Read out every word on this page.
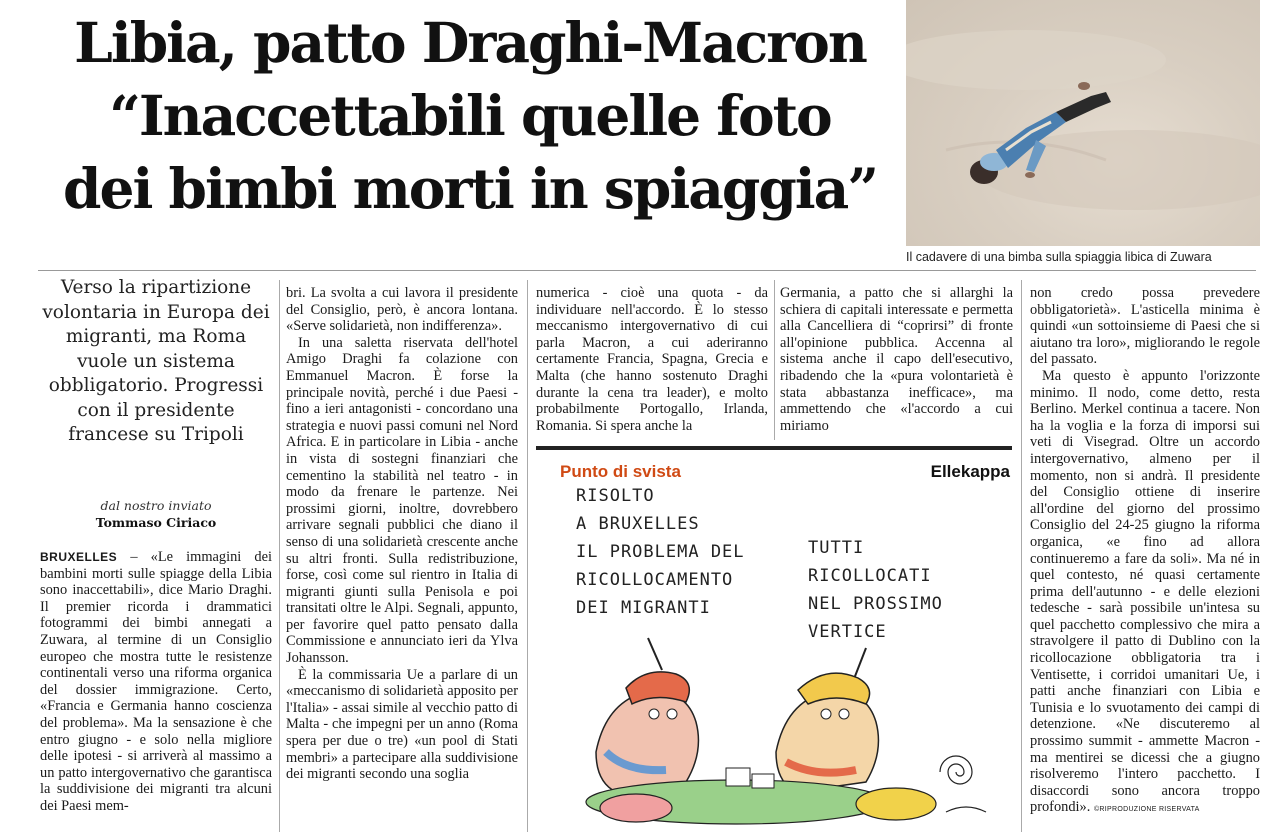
Libia, patto Draghi-Macron
“Inaccettabili quelle foto
dei bimbi morti in spiaggia”
Il cadavere di una bimba sulla spiaggia libica di Zuwara
Verso la ripartizione volontaria in Europa dei migranti, ma Roma vuole un sistema obbligatorio. Progressi con il presidente francese su Tripoli
dal nostro inviato
Tommaso Ciriaco

BRUXELLES – «Le immagini dei bambini morti sulle spiagge della Libia sono inaccettabili», dice Mario Draghi. Il premier ricorda i drammatici fotogrammi dei bimbi annegati a Zuwara, al termine di un Consiglio europeo che mostra tutte le resistenze continentali verso una riforma organica del dossier immigrazione. Certo, «Francia e Germania hanno coscienza del problema». Ma la sensazione è che entro giugno - e solo nella migliore delle ipotesi - si arriverà al massimo a un patto intergovernativo che garantisca la suddivisione dei migranti tra alcuni dei Paesi mem-

bri. La svolta a cui lavora il presidente del Consiglio, però, è ancora lontana. «Serve solidarietà, non indifferenza».

In una saletta riservata dell'hotel Amigo Draghi fa colazione con Emmanuel Macron. È forse la principale novità, perché i due Paesi - fino a ieri antagonisti - concordano una strategia e nuovi passi comuni nel Nord Africa. E in particolare in Libia - anche in vista di sostegni finanziari che cementino la stabilità nel teatro - in modo da frenare le partenze. Nei prossimi giorni, inoltre, dovrebbero arrivare segnali pubblici che diano il senso di una solidarietà crescente anche su altri fronti. Sulla redistribuzione, forse, così come sul rientro in Italia di migranti giunti sulla Penisola e poi transitati oltre le Alpi. Segnali, appunto, per favorire quel patto pensato dalla Commissione e annunciato ieri da Ylva Johansson.

È la commissaria Ue a parlare di un «meccanismo di solidarietà apposito per l'Italia» - assai simile al vecchio patto di Malta - che impegni per un anno (Roma spera per due o tre) «un pool di Stati membri» a partecipare alla suddivisione dei migranti secondo una soglia

numerica - cioè una quota - da individuare nell'accordo. È lo stesso meccanismo intergovernativo di cui parla Macron, a cui aderiranno certamente Francia, Spagna, Grecia e Malta (che hanno sostenuto Draghi durante la cena tra leader), e molto probabilmente Portogallo, Irlanda, Romania. Si spera anche la

Germania, a patto che si allarghi la schiera di capitali interessate e permetta alla Cancelliera di “coprirsi” di fronte all'opinione pubblica. Accenna al sistema anche il capo dell'esecutivo, ribadendo che la «pura volontarietà è stata abbastanza inefficace», ma ammettendo che «l'accordo a cui miriamo

non credo possa prevedere obbligatorietà». L'asticella minima è quindi «un sottoinsieme di Paesi che si aiutano tra loro», migliorando le regole del passato.

Ma questo è appunto l'orizzonte minimo. Il nodo, come detto, resta Berlino. Merkel continua a tacere. Non ha la voglia e la forza di imporsi sui veti di Visegrad. Oltre un accordo intergovernativo, almeno per il momento, non si andrà. Il presidente del Consiglio ottiene di inserire all'ordine del giorno del prossimo Consiglio del 24-25 giugno la riforma organica, «e fino ad allora continueremo a fare da soli». Ma né in quel contesto, né quasi certamente prima dell'autunno - e delle elezioni tedesche - sarà possibile un'intesa su quel pacchetto complessivo che mira a stravolgere il patto di Dublino con la ricollocazione obbligatoria tra i Ventisette, i corridoi umanitari Ue, i patti anche finanziari con Libia e Tunisia e lo svuotamento dei campi di detenzione. «Ne discuteremo al prossimo summit - ammette Macron - ma mentirei se dicessi che a giugno risolveremo l'intero pacchetto. I disaccordi sono ancora troppo profondi». ©RIPRODUZIONE RISERVATA

Punto di svista	Ellekappa
RISOLTO
A BRUXELLES
IL PROBLEMA DEL
RICOLLOCAMENTO
DEI MIGRANTI
TUTTI
RICOLLOCATI
NEL PROSSIMO
VERTICE
